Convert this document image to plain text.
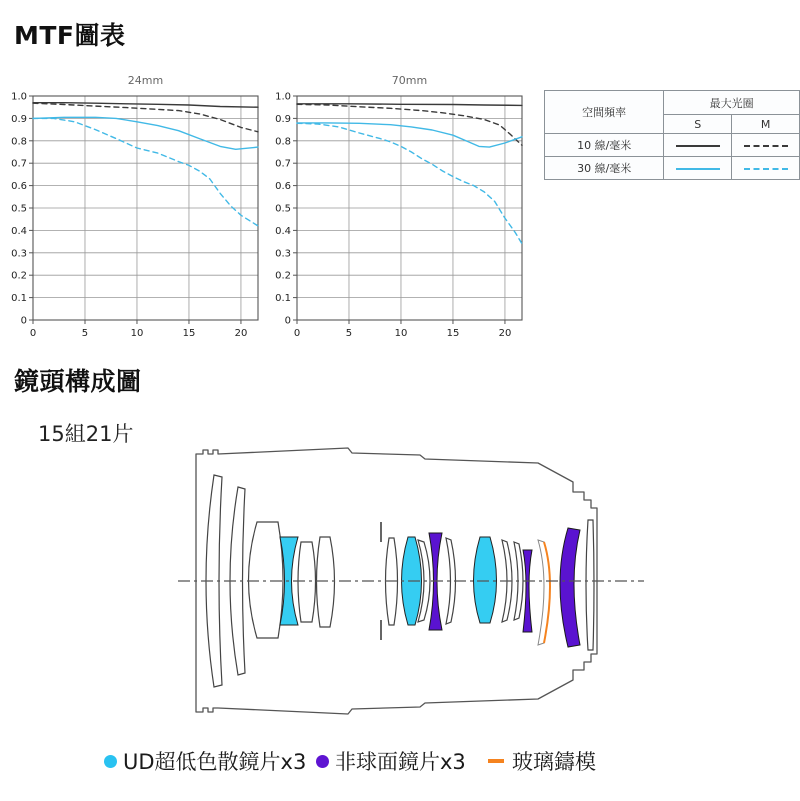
MTF圖表
24mm
0
0.1
0.2
0.3
0.4
0.5
0.6
0.7
0.8
0.9
1.0
0	5	10	15	20
70mm
0
0.1
0.2
0.3
0.4
0.5
0.6
0.7
0.8
0.9
1.0
0	5	10	15	20
空間頻率	最大光圈	
	S	M
10 線/毫米		
30 線/毫米		
鏡頭構成圖
15組21片
UD超低色散鏡片x3 非球面鏡片x3 玻璃鑄模
